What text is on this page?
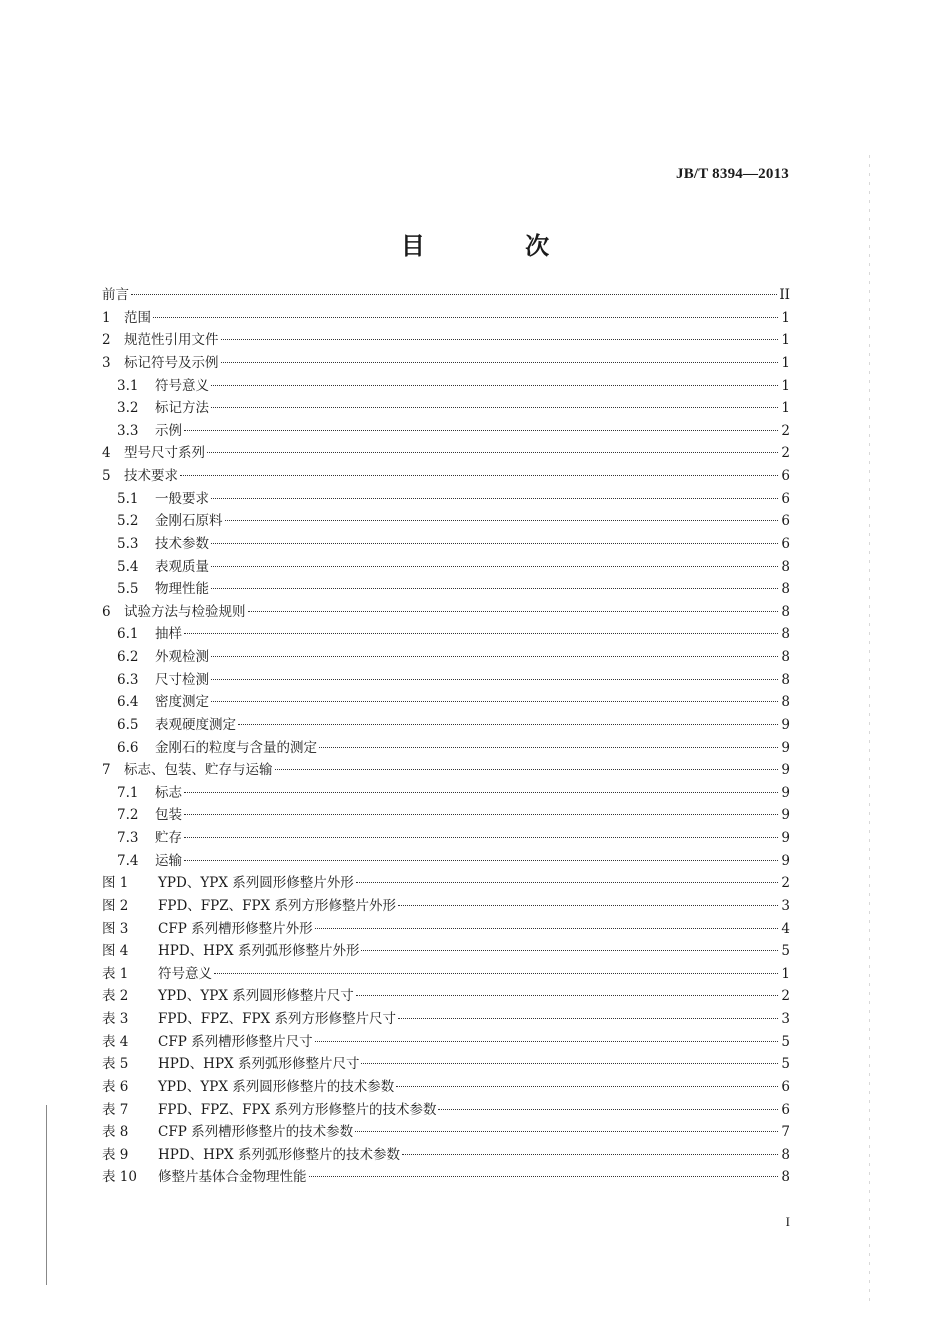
JB/T 8394—2013
目 次
前言	II
1 范围	1
2 规范性引用文件	1
3 标记符号及示例	1
3.1	符号意义	1
3.2	标记方法	1
3.3	示例	2
4 型号尺寸系列	2
5 技术要求	6
5.1	一般要求	6
5.2	金刚石原料	6
5.3	技术参数	6
5.4	表观质量	8
5.5	物理性能	8
6 试验方法与检验规则	8
6.1	抽样	8
6.2	外观检测	8
6.3	尺寸检测	8
6.4	密度测定	8
6.5	表观硬度测定	9
6.6	金刚石的粒度与含量的测定	9
7 标志、包装、贮存与运输	9
7.1	标志	9
7.2	包装	9
7.3	贮存	9
7.4	运输	9
图 1	YPD、YPX 系列圆形修整片外形	2
图 2	FPD、FPZ、FPX 系列方形修整片外形	3
图 3	CFP 系列槽形修整片外形	4
图 4	HPD、HPX 系列弧形修整片外形	5
表 1	符号意义	1
表 2	YPD、YPX 系列圆形修整片尺寸	2
表 3	FPD、FPZ、FPX 系列方形修整片尺寸	3
表 4	CFP 系列槽形修整片尺寸	5
表 5	HPD、HPX 系列弧形修整片尺寸	5
表 6	YPD、YPX 系列圆形修整片的技术参数	6
表 7	FPD、FPZ、FPX 系列方形修整片的技术参数	6
表 8	CFP 系列槽形修整片的技术参数	7
表 9	HPD、HPX 系列弧形修整片的技术参数	8
表 10	修整片基体合金物理性能	8
I
